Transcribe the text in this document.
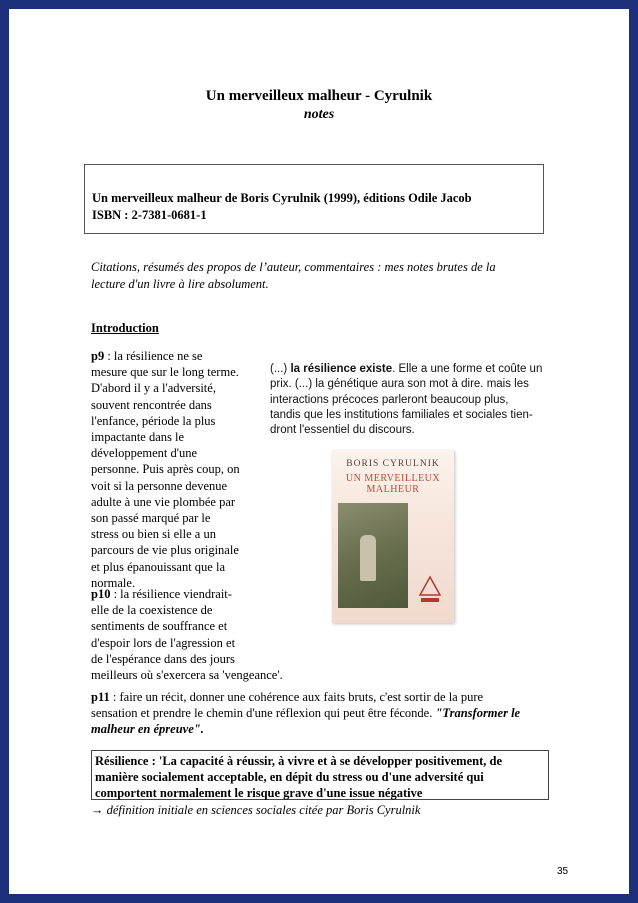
Un merveilleux malheur - Cyrulnik
notes
Un merveilleux malheur de Boris Cyrulnik (1999), éditions Odile Jacob
ISBN : 2-7381-0681-1
Citations, résumés des propos de l’auteur, commentaires : mes notes brutes de la
lecture d'un livre à lire absolument.
Introduction
p9 : la résilience ne se
mesure que sur le long terme.
D'abord il y a l'adversité,
souvent rencontrée dans
l'enfance, période la plus
impactante dans le
développement d'une
personne. Puis après coup, on
voit si la personne devenue
adulte à une vie plombée par
son passé marqué par le
stress ou bien si elle a un
parcours de vie plus originale
et plus épanouissant que la
normale.
(...) la résilience existe. Elle a une forme et coûte un
prix. (...) la génétique aura son mot à dire. mais les
interactions précoces parleront beaucoup plus,
tandis que les institutions familiales et sociales tien-
dront l'essentiel du discours.
BORIS CYRULNIK
UN MERVEILLEUX
MALHEUR
p10 : la résilience viendrait-
elle de la coexistence de
sentiments de souffrance et
d'espoir lors de l'agression et
de l'espérance dans des jours
meilleurs où s'exercera sa 'vengeance'.
p11 : faire un récit, donner une cohérence aux faits bruts, c'est sortir de la pure
sensation et prendre le chemin d'une réflexion qui peut être féconde. "Transformer le
malheur en épreuve".
Résilience : 'La capacité à réussir, à vivre et à se développer positivement, de
manière socialement acceptable, en dépit du stress ou d'une adversité qui
comportent normalement le risque grave d'une issue négative
→ définition initiale en sciences sociales citée par Boris Cyrulnik
35
